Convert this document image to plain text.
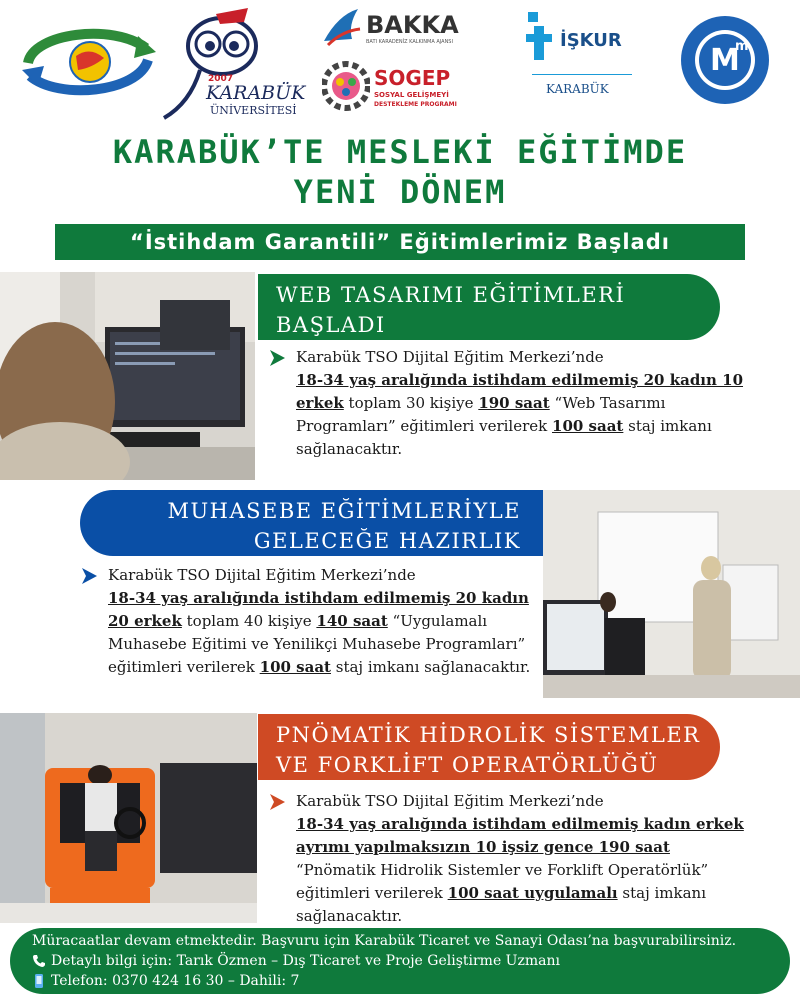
2007
KARABÜK
ÜNİVERSİTESİ
BAKKA
BATI KARADENİZ KALKINMA AJANSI
SOGEP
SOSYAL GELİŞMEYİ
DESTEKLEME PROGRAMI
İŞKUR
KARABÜK
M
m
KARABÜK’TE MESLEKİ EĞİTİMDE
YENİ DÖNEM
“İstihdam Garantili” Eğitimlerimiz Başladı
WEB TASARIMI EĞİTİMLERİ
BAŞLADI

Karabük TSO Dijital Eğitim Merkezi’nde
18-34 yaş aralığında istihdam edilmemiş 20 kadın 10 erkek toplam 30 kişiye 190 saat “Web Tasarımı Programları” eğitimleri verilerek 100 saat staj imkanı sağlanacaktır.

MUHASEBE EĞİTİMLERİYLE
GELECEĞE HAZIRLIK

Karabük TSO Dijital Eğitim Merkezi’nde
18-34 yaş aralığında istihdam edilmemiş 20 kadın 20 erkek toplam 40 kişiye 140 saat “Uygulamalı Muhasebe Eğitimi ve Yenilikçi Muhasebe Programları” eğitimleri verilerek 100 saat staj imkanı sağlanacaktır.

PNÖMATİK HİDROLİK SİSTEMLER
VE FORKLİFT OPERATÖRLÜĞÜ

Karabük TSO Dijital Eğitim Merkezi’nde
18-34 yaş aralığında istihdam edilmemiş kadın erkek ayrımı yapılmaksızın 10 işsiz gence 190 saat
“Pnömatik Hidrolik Sistemler ve Forklift Operatörlük” eğitimleri verilerek 100 saat uygulamalı staj imkanı sağlanacaktır.

Müracaatlar devam etmektedir. Başvuru için Karabük Ticaret ve Sanayi Odası’na başvurabilirsiniz.
Detaylı bilgi için: Tarık Özmen – Dış Ticaret ve Proje Geliştirme Uzmanı
Telefon: 0370 424 16 30 – Dahili: 7
